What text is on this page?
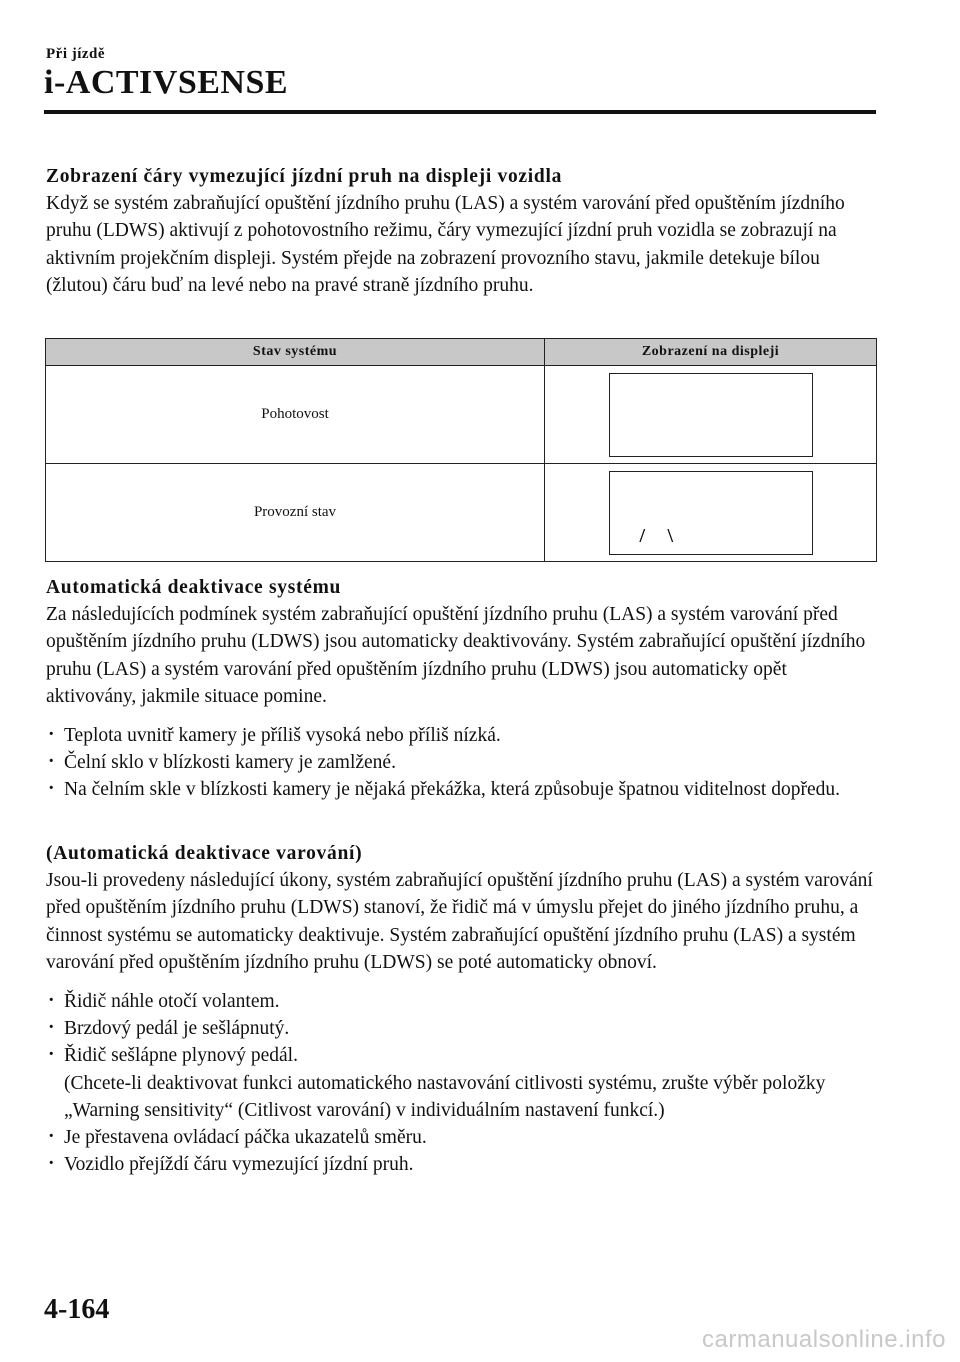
Při jízdě
i-ACTIVSENSE
Zobrazení čáry vymezující jízdní pruh na displeji vozidla

Když se systém zabraňující opuštění jízdního pruhu (LAS) a systém varování před opuštěním jízdního pruhu (LDWS) aktivují z pohotovostního režimu, čáry vymezující jízdní pruh vozidla se zobrazují na aktivním projekčním displeji. Systém přejde na zobrazení provozního stavu, jakmile detekuje bílou (žlutou) čáru buď na levé nebo na pravé straně jízdního pruhu.

Stav systému	Zobrazení na displeji
Pohotovost	
Provozní stav	/ \
Automatická deaktivace systému

Za následujících podmínek systém zabraňující opuštění jízdního pruhu (LAS) a systém varování před opuštěním jízdního pruhu (LDWS) jsou automaticky deaktivovány. Systém zabraňující opuštění jízdního pruhu (LAS) a systém varování před opuštěním jízdního pruhu (LDWS) jsou automaticky opět aktivovány, jakmile situace pomine.

· Teplota uvnitř kamery je příliš vysoká nebo příliš nízká.
· Čelní sklo v blízkosti kamery je zamlžené.
· Na čelním skle v blízkosti kamery je nějaká překážka, která způsobuje špatnou viditelnost dopředu.
(Automatická deaktivace varování)

Jsou-li provedeny následující úkony, systém zabraňující opuštění jízdního pruhu (LAS) a systém varování před opuštěním jízdního pruhu (LDWS) stanoví, že řidič má v úmyslu přejet do jiného jízdního pruhu, a činnost systému se automaticky deaktivuje. Systém zabraňující opuštění jízdního pruhu (LAS) a systém varování před opuštěním jízdního pruhu (LDWS) se poté automaticky obnoví.

· Řidič náhle otočí volantem.
· Brzdový pedál je sešlápnutý.
· Řidič sešlápne plynový pedál.
(Chcete-li deaktivovat funkci automatického nastavování citlivosti systému, zrušte výběr položky „Warning sensitivity“ (Citlivost varování) v individuálním nastavení funkcí.)
· Je přestavena ovládací páčka ukazatelů směru.
· Vozidlo přejíždí čáru vymezující jízdní pruh.
4-164
carmanualsonline.info
